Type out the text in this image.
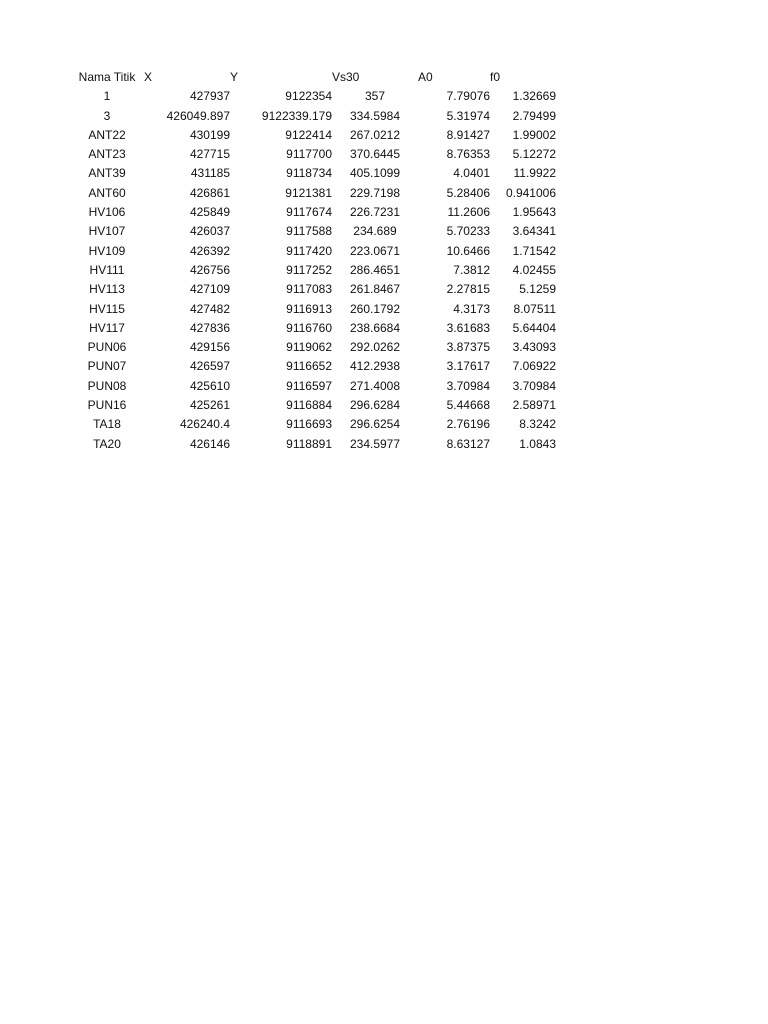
Nama Titik	X	Y	Vs30	A0	f0
1	427937	9122354	357	7.79076	1.32669
3	426049.897	9122339.179	334.5984	5.31974	2.79499
ANT22	430199	9122414	267.0212	8.91427	1.99002
ANT23	427715	9117700	370.6445	8.76353	5.12272
ANT39	431185	9118734	405.1099	4.0401	11.9922
ANT60	426861	9121381	229.7198	5.28406	0.941006
HV106	425849	9117674	226.7231	11.2606	1.95643
HV107	426037	9117588	234.689	5.70233	3.64341
HV109	426392	9117420	223.0671	10.6466	1.71542
HV111	426756	9117252	286.4651	7.3812	4.02455
HV113	427109	9117083	261.8467	2.27815	5.1259
HV115	427482	9116913	260.1792	4.3173	8.07511
HV117	427836	9116760	238.6684	3.61683	5.64404
PUN06	429156	9119062	292.0262	3.87375	3.43093
PUN07	426597	9116652	412.2938	3.17617	7.06922
PUN08	425610	9116597	271.4008	3.70984	3.70984
PUN16	425261	9116884	296.6284	5.44668	2.58971
TA18	426240.4	9116693	296.6254	2.76196	8.3242
TA20	426146	9118891	234.5977	8.63127	1.0843
